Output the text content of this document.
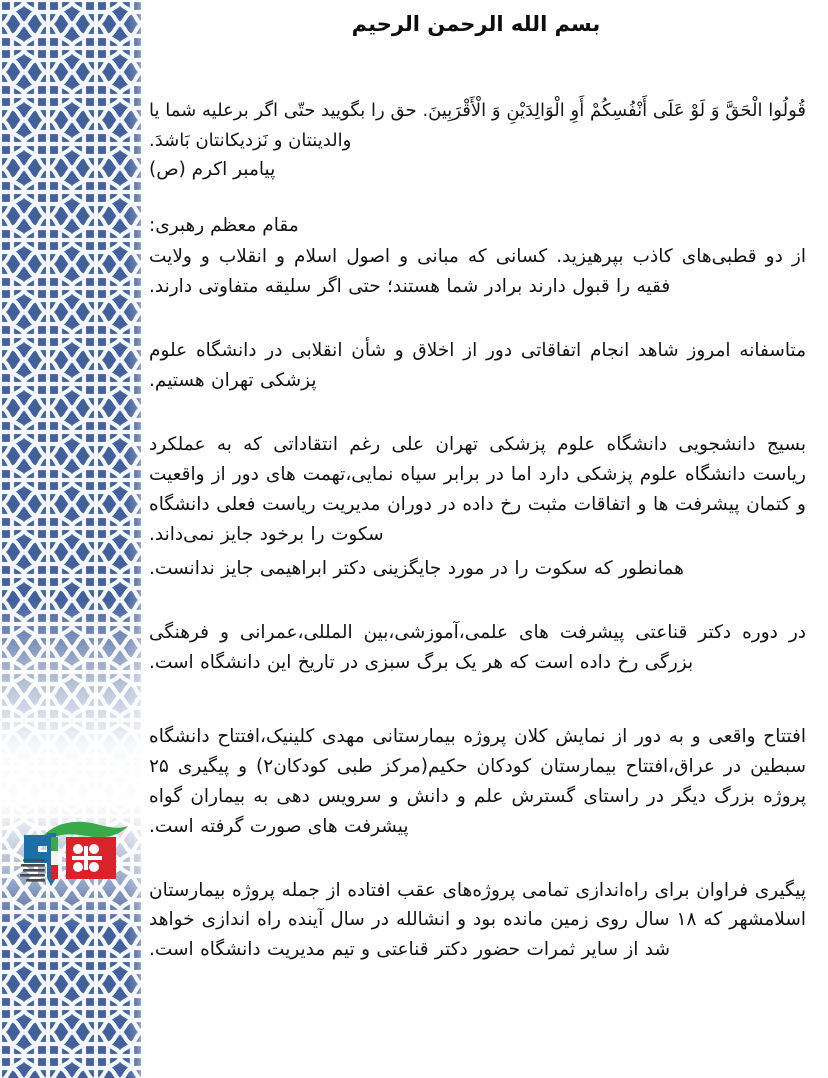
بسم الله الرحمن الرحیم

قُولُوا الْحَقَّ وَ لَوْ عَلَى أَنْفُسِكُمْ أَوِ الْوَالِدَيْنِ وَ الْأَقْرَبِينَ. حق را بگویید حتّی اگر برعلیه شما یا والدینتان و نَزدیکانتان بَاشدَ.

پیامبر اکرم (ص)

مقام معظم رهبری:

از دو قطبی‌های کاذب بپرهیزید. کسانی که مبانی و اصول اسلام و انقلاب و ولایت فقیه را قبول دارند برادر شما هستند؛ حتی اگر سلیقه متفاوتی دارند.

متاسفانه امروز شاهد انجام اتفاقاتی دور از اخلاق و شأن انقلابی در دانشگاه علوم پزشکی تهران هستیم.

بسیج دانشجویی دانشگاه علوم پزشکی تهران علی رغم انتقاداتی که به عملکرد ریاست دانشگاه علوم پزشکی دارد اما در برابر سیاه نمایی،تهمت های دور از واقعیت و کتمان پیشرفت ها و اتفاقات مثبت رخ داده در دوران مدیریت ریاست فعلی دانشگاه سکوت را برخود جایز نمی‌داند.

همانطور که سکوت را در مورد جایگزینی دکتر ابراهیمی جایز ندانست.

در دوره دکتر قناعتی پیشرفت های علمی،آموزشی،بین المللی،عمرانی و فرهنگی بزرگی رخ داده است که هر یک برگ سبزی در تاریخ این دانشگاه است.

افتتاح واقعی و به دور از نمایش کلان پروژه بیمارستانی مهدی کلینیک،افتتاح دانشگاه سبطین در عراق،افتتاح بیمارستان کودکان حکیم(مرکز طبی کودکان۲) و پیگیری ۲۵ پروژه بزرگ دیگر در راستای گسترش علم و دانش و سرویس دهی به بیماران گواه پیشرفت های صورت گرفته است.

پیگیری فراوان برای راه‌اندازی تمامی پروژه‌های عقب افتاده از جمله پروژه بیمارستان اسلامشهر که ۱۸ سال روی زمین مانده بود و انشالله در سال آینده راه اندازی خواهد شد از سایر ثمرات حضور دکتر قناعتی و تیم مدیریت دانشگاه است.
